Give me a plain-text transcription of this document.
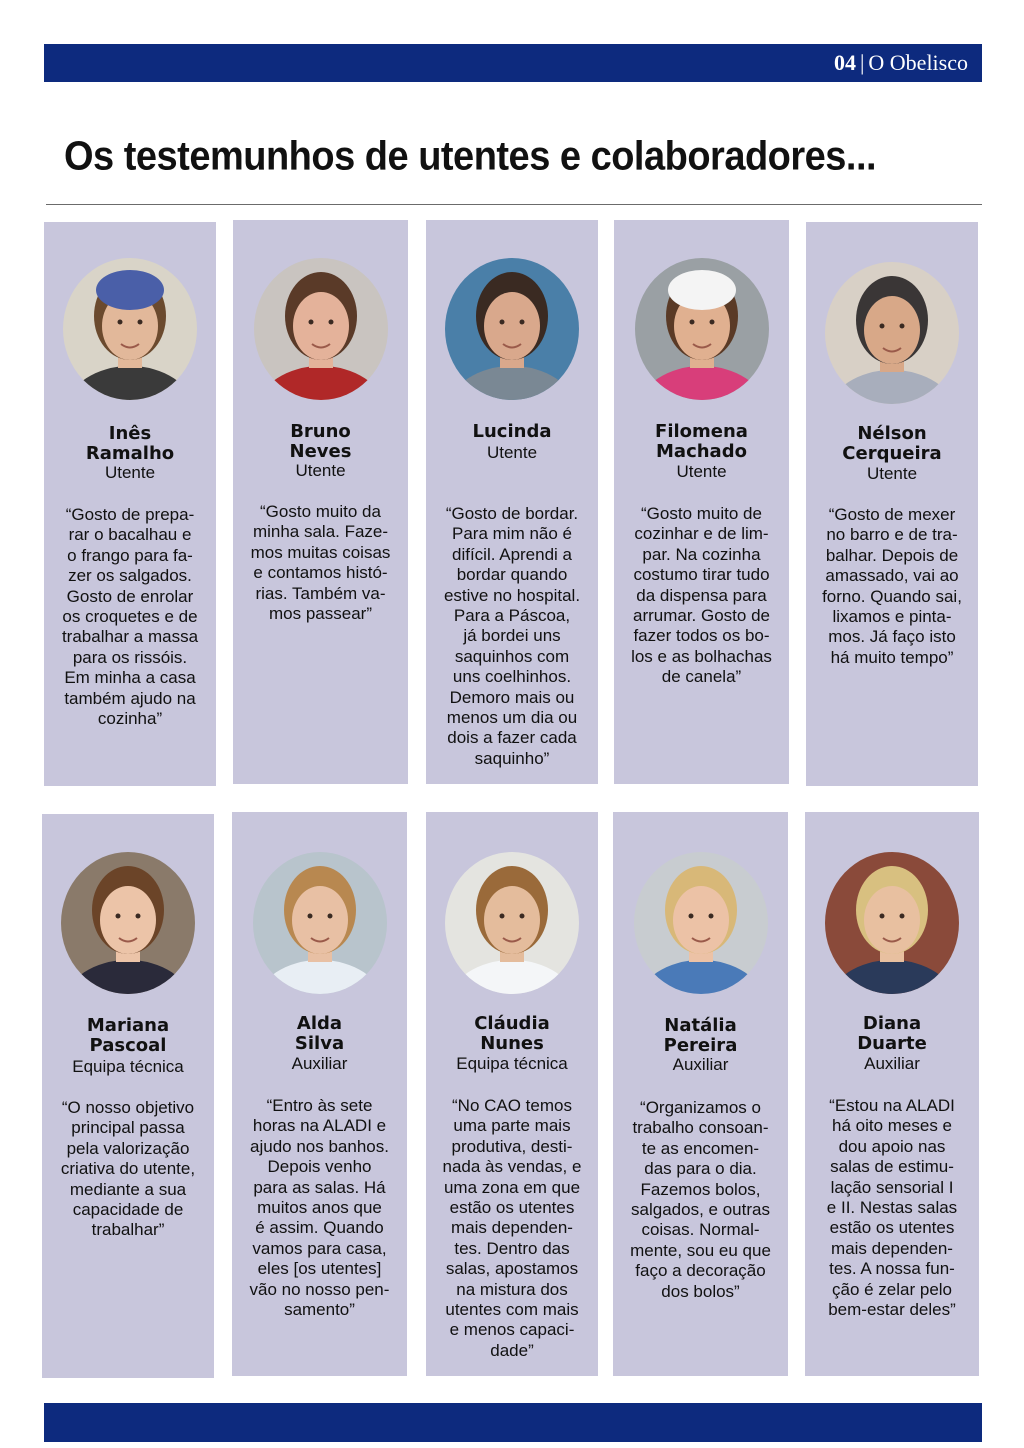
04 | O Obelisco
Os testemunhos de utentes e colaboradores...
Inês
Ramalho
Utente
“Gosto de prepa-
rar o bacalhau e
o frango para fa-
zer os salgados.
Gosto de enrolar
os croquetes e de
trabalhar a massa
para os rissóis.
Em minha a casa
também ajudo na
cozinha”
Bruno
Neves
Utente
“Gosto muito da
minha sala. Faze-
mos muitas coisas
e contamos histó-
rias. Também va-
mos passear”
Lucinda
Utente
“Gosto de bordar.
Para mim não é
difícil. Aprendi a
bordar quando
estive no hospital.
Para a Páscoa,
já bordei uns
saquinhos com
uns coelhinhos.
Demoro mais ou
menos um dia ou
dois a fazer cada
saquinho”
Filomena
Machado
Utente
“Gosto muito de
cozinhar e de lim-
par. Na cozinha
costumo tirar tudo
da dispensa para
arrumar. Gosto de
fazer todos os bo-
los e as bolhachas
de canela”
Nélson
Cerqueira
Utente
“Gosto de mexer
no barro e de tra-
balhar. Depois de
amassado, vai ao
forno. Quando sai,
lixamos e pinta-
mos. Já faço isto
há muito tempo”
Mariana
Pascoal
Equipa técnica
“O nosso objetivo
principal passa
pela valorização
criativa do utente,
mediante a sua
capacidade de
trabalhar”
Alda
Silva
Auxiliar
“Entro às sete
horas na ALADI e
ajudo nos banhos.
Depois venho
para as salas. Há
muitos anos que
é assim. Quando
vamos para casa,
eles [os utentes]
vão no nosso pen-
samento”
Cláudia
Nunes
Equipa técnica
“No CAO temos
uma parte mais
produtiva, desti-
nada às vendas, e
uma zona em que
estão os utentes
mais dependen-
tes. Dentro das
salas, apostamos
na mistura dos
utentes com mais
e menos capaci-
dade”
Natália
Pereira
Auxiliar
“Organizamos o
trabalho consoan-
te as encomen-
das para o dia.
Fazemos bolos,
salgados, e outras
coisas. Normal-
mente, sou eu que
faço a decoração
dos bolos”
Diana
Duarte
Auxiliar
“Estou na ALADI
há oito meses e
dou apoio nas
salas de estimu-
lação sensorial I
e II. Nestas salas
estão os utentes
mais dependen-
tes. A nossa fun-
ção é zelar pelo
bem-estar deles”
